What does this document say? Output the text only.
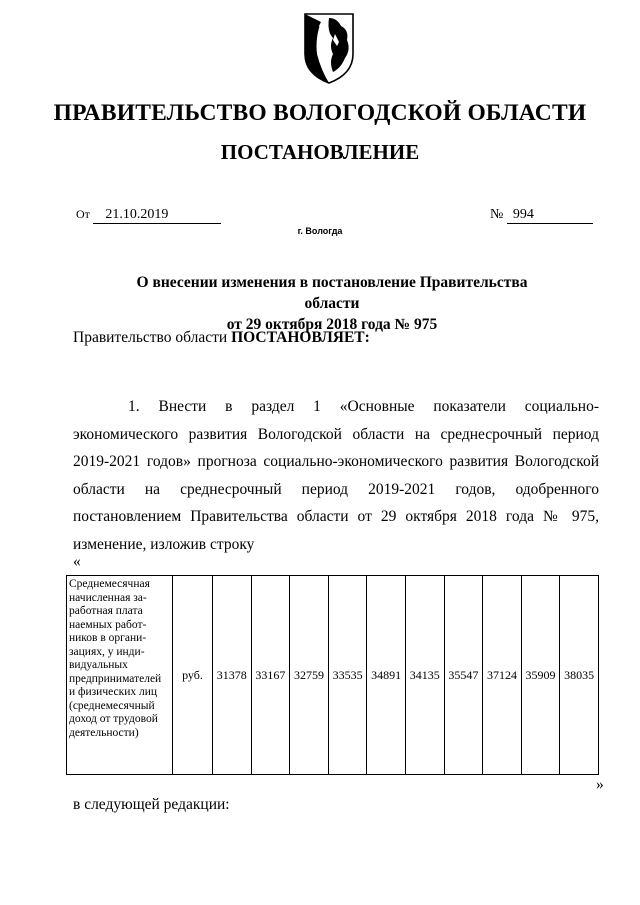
ПРАВИТЕЛЬСТВО ВОЛОГОДСКОЙ ОБЛАСТИ
ПОСТАНОВЛЕНИЕ
От 21.10.2019	№ 994
г. Вологда
О внесении изменения в постановление Правительства области
от 29 октября 2018 года № 975
Правительство области ПОСТАНОВЛЯЕТ:
1. Внести в раздел 1 «Основные показатели социально-экономического развития Вологодской области на среднесрочный период 2019-2021 годов» прогноза социально-экономического развития Вологодской области на среднесрочный период 2019-2021 годов, одобренного постановлением Правительства области от 29 октября 2018 года № 975, изменение, изложив строку
«
Среднемесячная начисленная заработная плата наемных работников в организациях, у индивидуальных предпринимателей и физических лиц (среднемесячный доход от трудовой деятельности)	руб.	31378	33167	32759	33535	34891	34135	35547	37124	35909	38035
»
в следующей редакции:
